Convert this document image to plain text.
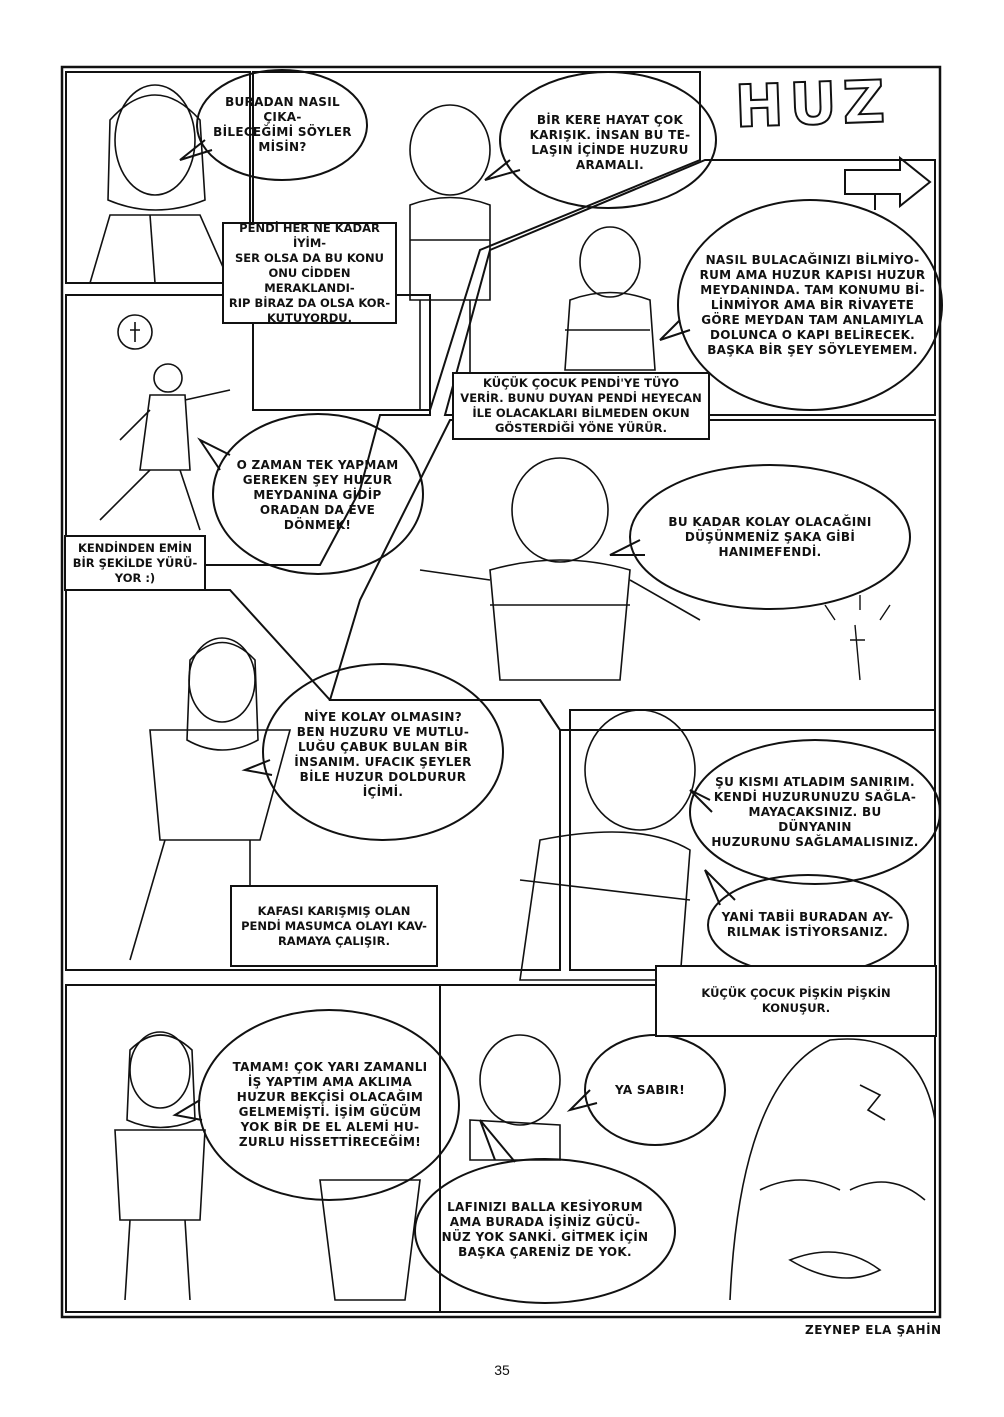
HUZ
BURADAN NASIL ÇIKA-
BİLECEĞİMİ SÖYLER
MİSİN?
BİR KERE HAYAT ÇOK
KARIŞIK. İNSAN BU TE-
LAŞIN İÇİNDE HUZURU
ARAMALI.
NASIL BULACAĞINIZI BİLMİYO-
RUM AMA HUZUR KAPISI HUZUR
MEYDANINDA. TAM KONUMU Bİ-
LİNMİYOR AMA BİR RİVAYETE
GÖRE MEYDAN TAM ANLAMIYLA
DOLUNCA O KAPI BELİRECEK.
BAŞKA BİR ŞEY SÖYLEYEMEM.
O ZAMAN TEK YAPMAM
GEREKEN ŞEY HUZUR
MEYDANINA GİDİP
ORADAN DA EVE
DÖNMEK!	BU KADAR KOLAY OLACAĞINI
DÜŞÜNMENİZ ŞAKA GİBİ
HANIMEFENDİ.
NİYE KOLAY OLMASIN?
BEN HUZURU VE MUTLU-
LUĞU ÇABUK BULAN BİR
İNSANIM. UFACIK ŞEYLER
BİLE HUZUR DOLDURUR
İÇİMİ.
ŞU KISMI ATLADIM SANIRIM.
KENDİ HUZURUNUZU SAĞLA-
MAYACAKSINIZ. BU DÜNYANIN
HUZURUNU SAĞLAMALISINIZ.
YANİ TABİİ BURADAN AY-
RILMAK İSTİYORSANIZ.
TAMAM! ÇOK YARI ZAMANLI
İŞ YAPTIM AMA AKLIMA
HUZUR BEKÇİSİ OLACAĞIM
GELMEMİŞTİ. İŞİM GÜCÜM
YOK BİR DE EL ALEMİ HU-
ZURLU HİSSETTİRECEĞİM!
YA SABIR!
LAFINIZI BALLA KESİYORUM
AMA BURADA İŞİNİZ GÜCÜ-
NÜZ YOK SANKİ. GİTMEK İÇİN
BAŞKA ÇARENİZ DE YOK.
PENDİ HER NE KADAR İYİM-
SER OLSA DA BU KONU
ONU CİDDEN MERAKLANDI-
RIP BİRAZ DA OLSA KOR-
KUTUYORDU.
KÜÇÜK ÇOCUK PENDİ'YE TÜYO
VERİR. BUNU DUYAN PENDİ HEYECAN
İLE OLACAKLARI BİLMEDEN OKUN
GÖSTERDİĞİ YÖNE YÜRÜR.
KENDİNDEN EMİN
BİR ŞEKİLDE YÜRÜ-
YOR :)
KAFASI KARIŞMIŞ OLAN
PENDİ MASUMCA OLAYI KAV-
RAMAYA ÇALIŞIR.
KÜÇÜK ÇOCUK PİŞKİN PİŞKİN
KONUŞUR.
ZEYNEP ELA ŞAHİN
35
